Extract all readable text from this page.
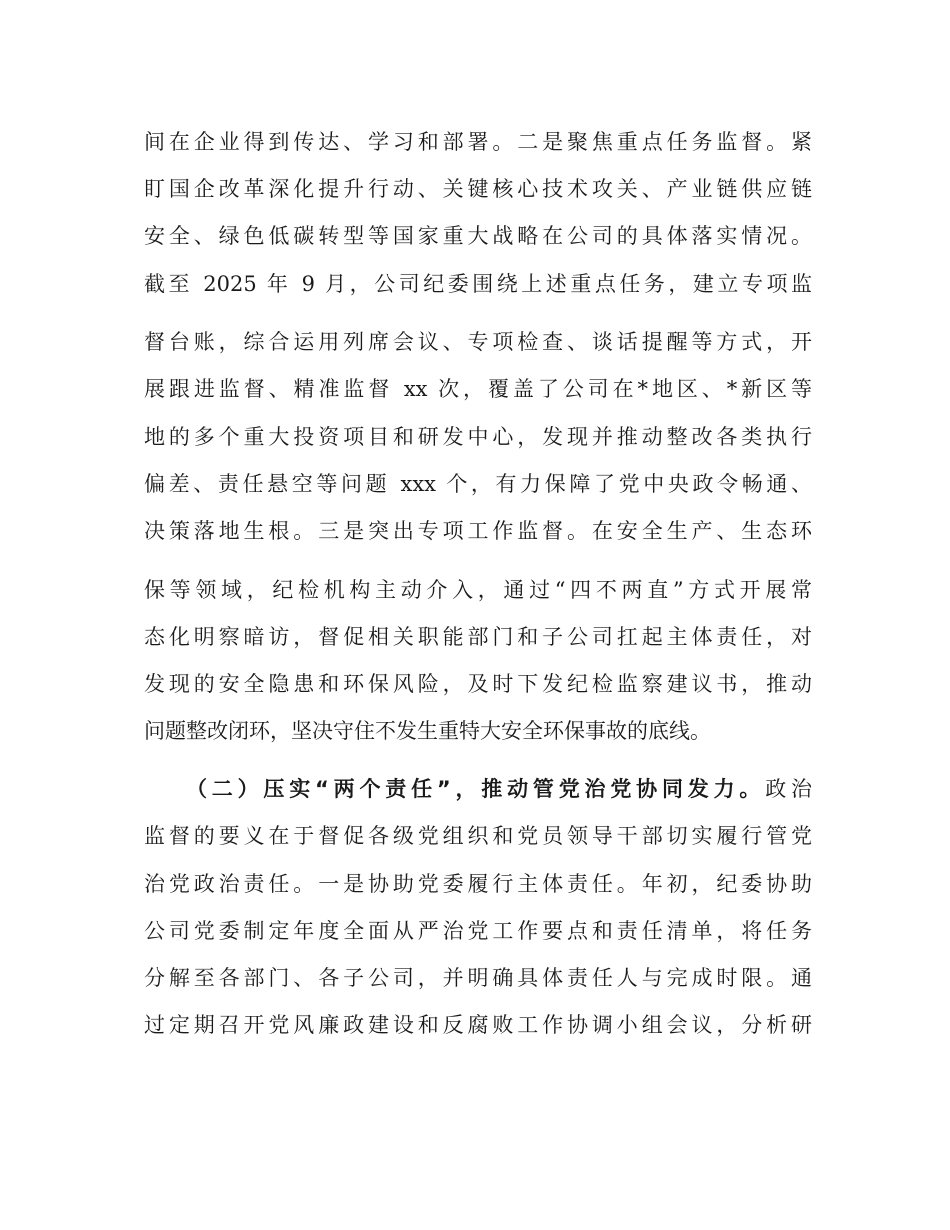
间在企业得到传达、学习和部署。二是聚焦重点任务监督。紧
盯国企改革深化提升行动、关键核心技术攻关、产业链供应链
安全、绿色低碳转型等国家重大战略在公司的具体落实情况。
截至 2025 年 9 月，公司纪委围绕上述重点任务，建立专项监
督台账，综合运用列席会议、专项检查、谈话提醒等方式，开
展跟进监督、精准监督 xx 次，覆盖了公司在*地区、*新区等
地的多个重大投资项目和研发中心，发现并推动整改各类执行
偏差、责任悬空等问题 xxx 个，有力保障了党中央政令畅通、
决策落地生根。三是突出专项工作监督。在安全生产、生态环
保等领域，纪检机构主动介入，通过“四不两直”方式开展常
态化明察暗访，督促相关职能部门和子公司扛起主体责任，对
发现的安全隐患和环保风险，及时下发纪检监察建议书，推动
问题整改闭环，坚决守住不发生重特大安全环保事故的底线。
（二）压实“两个责任”，推动管党治党协同发力。政治
监督的要义在于督促各级党组织和党员领导干部切实履行管党
治党政治责任。一是协助党委履行主体责任。年初，纪委协助
公司党委制定年度全面从严治党工作要点和责任清单，将任务
分解至各部门、各子公司，并明确具体责任人与完成时限。通
过定期召开党风廉政建设和反腐败工作协调小组会议，分析研
